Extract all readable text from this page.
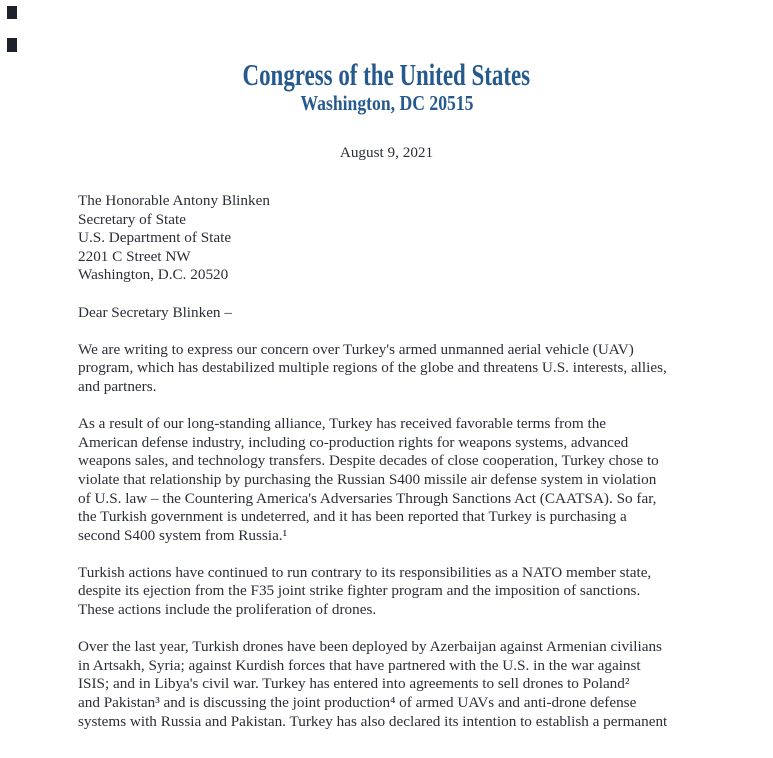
Congress of the United States
Washington, DC 20515
August 9, 2021
The Honorable Antony Blinken
Secretary of State
U.S. Department of State
2201 C Street NW
Washington, D.C. 20520
Dear Secretary Blinken –
We are writing to express our concern over Turkey's armed unmanned aerial vehicle (UAV)
program, which has destabilized multiple regions of the globe and threatens U.S. interests, allies,
and partners.
As a result of our long-standing alliance, Turkey has received favorable terms from the
American defense industry, including co-production rights for weapons systems, advanced
weapons sales, and technology transfers. Despite decades of close cooperation, Turkey chose to
violate that relationship by purchasing the Russian S400 missile air defense system in violation
of U.S. law – the Countering America's Adversaries Through Sanctions Act (CAATSA). So far,
the Turkish government is undeterred, and it has been reported that Turkey is purchasing a
second S400 system from Russia.¹
Turkish actions have continued to run contrary to its responsibilities as a NATO member state,
despite its ejection from the F35 joint strike fighter program and the imposition of sanctions.
These actions include the proliferation of drones.
Over the last year, Turkish drones have been deployed by Azerbaijan against Armenian civilians
in Artsakh, Syria; against Kurdish forces that have partnered with the U.S. in the war against
ISIS; and in Libya's civil war. Turkey has entered into agreements to sell drones to Poland²
and Pakistan³ and is discussing the joint production⁴ of armed UAVs and anti-drone defense
systems with Russia and Pakistan. Turkey has also declared its intention to establish a permanent
